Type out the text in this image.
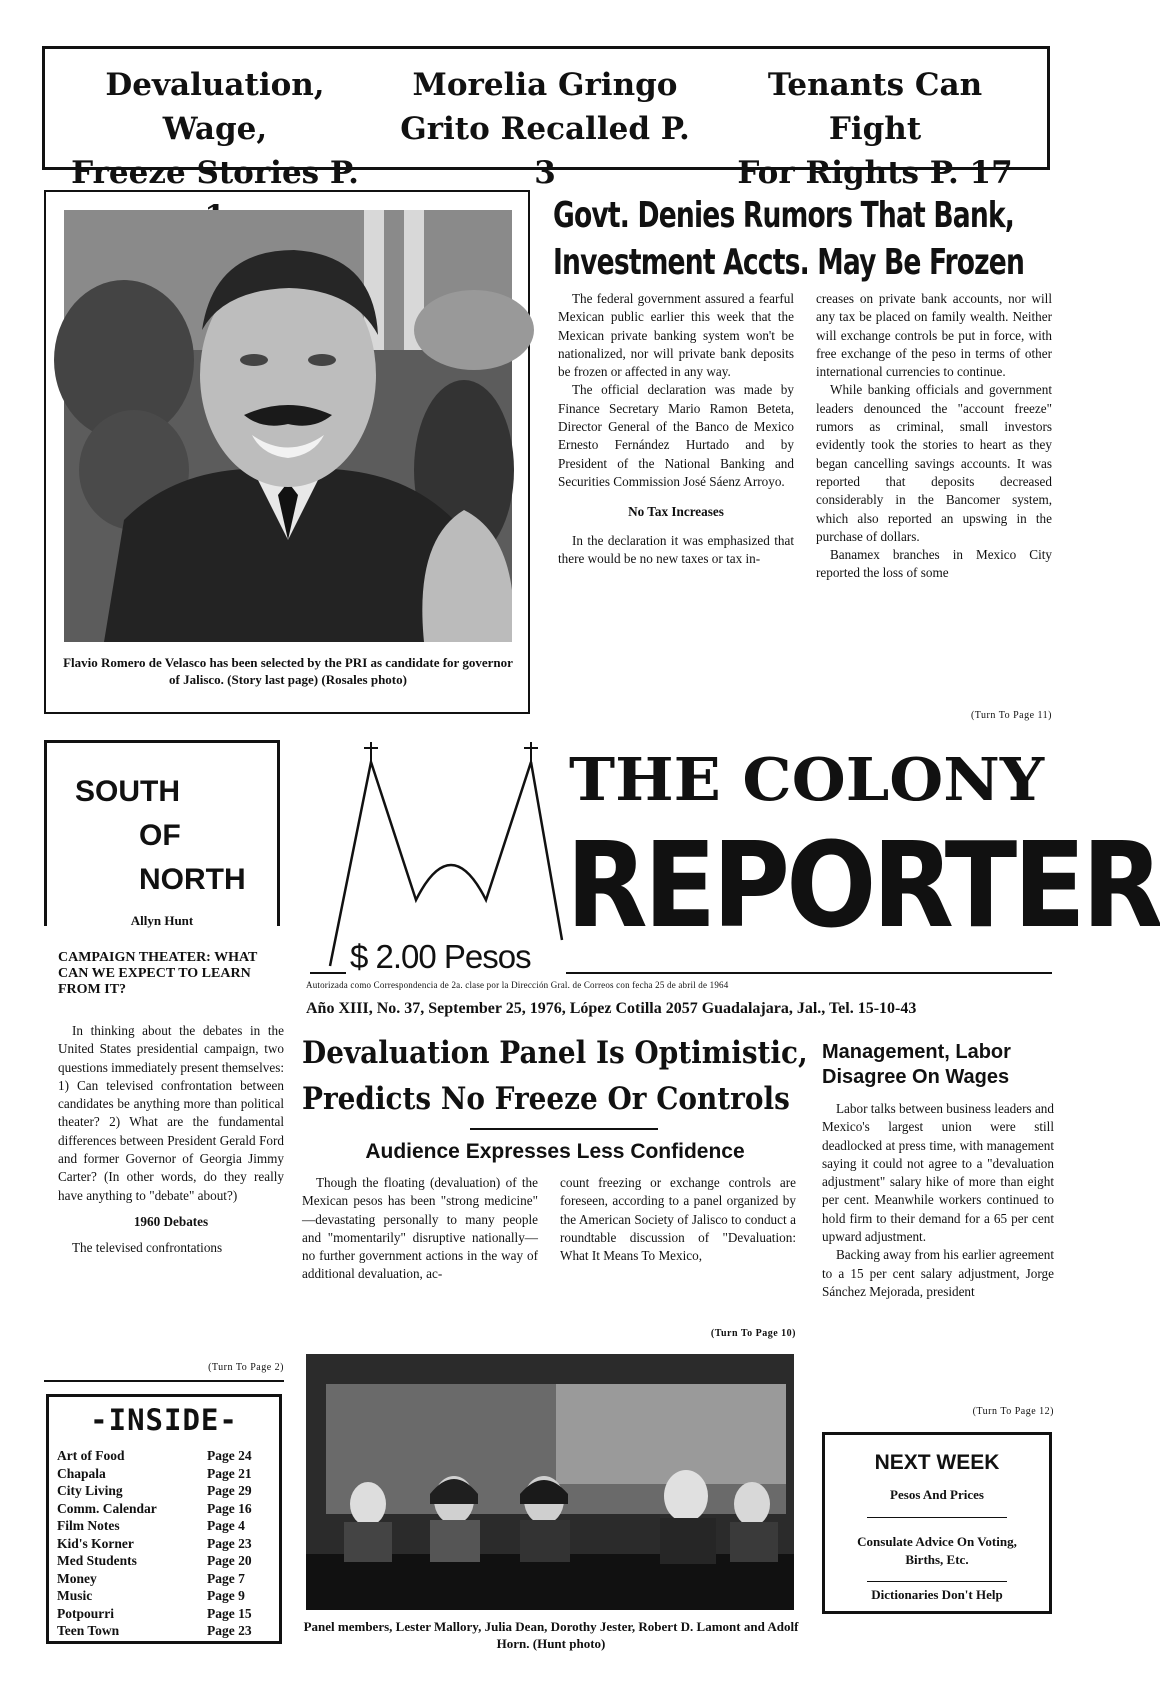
Devaluation, Wage,
Freeze Stories P.
Morelia Gringo
Grito Recalled P. 3
Tenants Can Fight
For Rights P. 17
Flavio Romero de Velasco has been selected by the PRI as candidate for governor of Jalisco. (Story last page) (Rosales photo)
Govt. Denies Rumors That Bank,
Investment Accts. May Be Frozen

The federal government assured a fearful Mexican public earlier this week that the Mexican private banking system won't be nationalized, nor will private bank deposits be frozen or affected in any way.

The official declaration was made by Finance Secretary Mario Ramon Beteta, Director General of the Banco de Mexico Ernesto Fernández Hurtado and by President of the National Banking and Securities Commission José Sáenz Arroyo.

No Tax Increases

In the declaration it was emphasized that there would be no new taxes or tax in-

creases on private bank accounts, nor will any tax be placed on family wealth. Neither will exchange controls be put in force, with free exchange of the peso in terms of other international currencies to continue.

While banking officials and government leaders denounced the "account freeze" rumors as criminal, small investors evidently took the stories to heart as they began cancelling savings accounts. It was reported that deposits decreased considerably in the Bancomer system, which also reported an upswing in the purchase of dollars.

Banamex branches in Mexico City reported the loss of some

(Turn To Page 11)
SOUTH
OF
NORTH
Allyn Hunt
$ 2.00 Pesos
THE COLONY
REPORTER
Autorizada como Correspondencia de 2a. clase por la Dirección Gral. de Correos con fecha 25 de abril de 1964
Año XIII, No. 37, September 25, 1976, López Cotilla 2057 Guadalajara, Jal., Tel. 15-10-43
CAMPAIGN THEATER: WHAT CAN WE EXPECT TO LEARN FROM IT?

In thinking about the debates in the United States presidential campaign, two questions immediately present themselves: 1) Can televised confrontation between candidates be anything more than political theater? 2) What are the fundamental differences between President Gerald Ford and former Governor of Georgia Jimmy Carter? (In other words, do they really have anything to "debate" about?)

1960 Debates

The televised confrontations

(Turn To Page 2)
Devaluation Panel Is Optimistic,
Predicts No Freeze Or Controls
Audience Expresses Less Confidence

Though the floating (devaluation) of the Mexican pesos has been "strong medicine" —devastating personally to many people and "momentarily" disruptive nationally— no further government actions in the way of additional devaluation, ac-

count freezing or exchange controls are foreseen, according to a panel organized by the American Society of Jalisco to conduct a roundtable discussion of "Devaluation: What It Means To Mexico,

(Turn To Page 10)
Panel members, Lester Mallory, Julia Dean, Dorothy Jester, Robert D. Lamont and Adolf Horn. (Hunt photo)
Management, Labor Disagree On Wages

Labor talks between business leaders and Mexico's largest union were still deadlocked at press time, with management saying it could not agree to a "devaluation adjustment" salary hike of more than eight per cent. Meanwhile workers continued to hold firm to their demand for a 65 per cent upward adjustment.

Backing away from his earlier agreement to a 15 per cent salary adjustment, Jorge Sánchez Mejorada, president

(Turn To Page 12)
-INSIDE-
Art of Food	Page 24
Chapala	Page 21
City Living	Page 29
Comm. Calendar	Page 16
Film Notes	Page 4
Kid's Korner	Page 23
Med Students	Page 20
Money	Page 7
Music	Page 9
Potpourri	Page 15
Teen Town	Page 23
NEXT WEEK
Pesos And Prices
Consulate Advice On Voting, Births, Etc.
Dictionaries Don't Help
